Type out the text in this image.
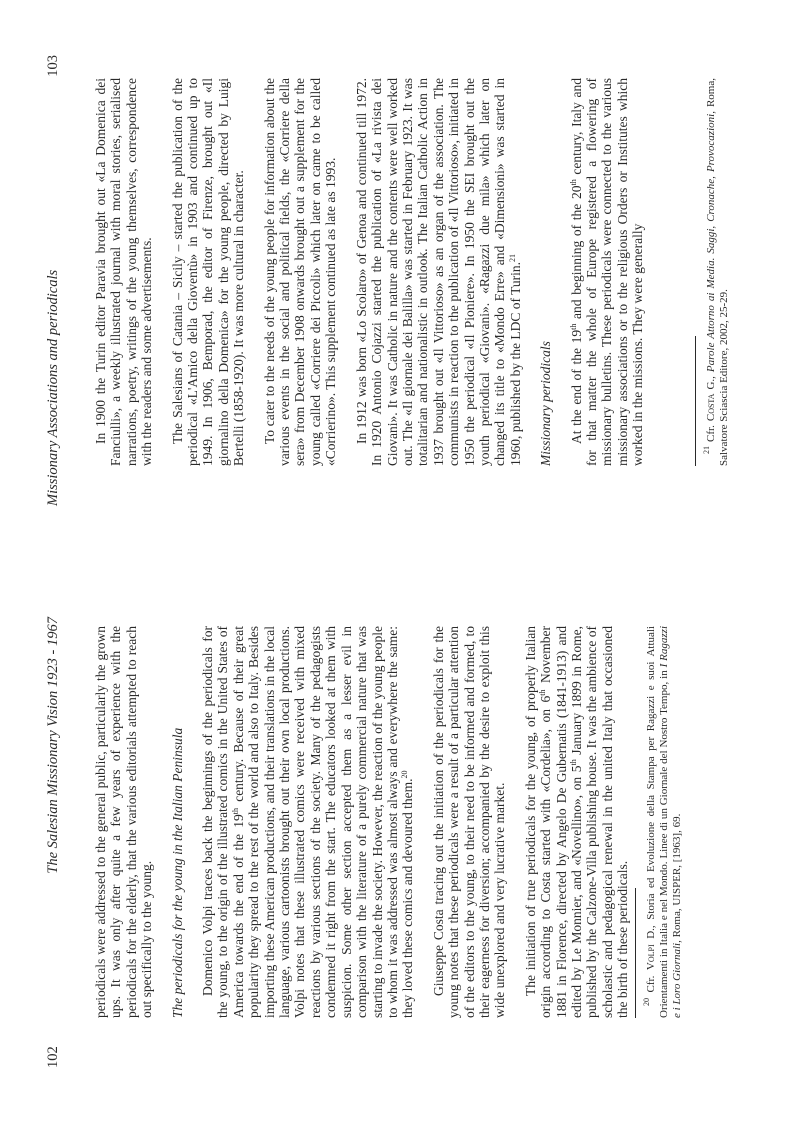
102
The Salesian Missionary Vision 1923 - 1967 periodicals were addressed to the general public, particularly the grown ups. It was only after quite a few years of experience with the periodicals for the elderly, that the various editorials attempted to reach out specifically to the young. The periodicals for the young in the Italian Peninsula Domenico Volpi traces back the beginnings of the periodicals for the young, to the origin of the illustrated comics in the United States of America towards the end of the 19th century. Because of their great popularity they spread to the rest of the world and also to Italy. Besides importing these American productions, and their translations in the local language, various cartoonists brought out their own local productions. Volpi notes that these illustrated comics were received with mixed reactions by various sections of the society. Many of the pedagogists condemned it right from the start. The educators looked at them with suspicion. Some other section accepted them as a lesser evil in comparison with the literature of a purely commercial nature that was starting to invade the society. However, the reaction of the young people to whom it was addressed was almost always and everywhere the same: they loved these comics and devoured them.$^{20}$	Giuseppe Costa tracing out the initiation of the periodicals for the young notes that these periodicals were a result of a particular attention of the editors to the young, to their need to be informed and formed, to their eagerness for diversion; accompanied by the desire to exploit this wide unexplored and very lucrative market. The initiation of true periodicals for the young, of properly Italian origin according to Costa started with «Cordelia», on 6th November 1881 in Florence, directed by Angelo De Gubernatis (1841-1913) and edited by Le Monnier, and «Novellino», on 5th January 1899 in Rome, published by the Calzone-Villa publishing house. It was the ambience of scholastic and pedagogical renewal in the united Italy that occasioned the birth of these periodicals. $^{20}$ Cfr. Volpi D., Storia ed Evoluzione della Stampa per Ragazzi e suoi Attuali Orientamenti in Italia e nel Mondo. Linee di un Giornale del Nostro Tempo, in I Ragazzi e i Loro Giornali, Roma, UISPER, [1963], 69.

Missionary Associations and periodicals
103

In 1900 the Turin editor Paravia brought out «La Domenica dei Fanciulli», a weekly illustrated journal with moral stories, serialised narrations, poetry, writings of the young themselves, correspondence with the readers and some advertisements. The Salesians of Catania – Sicily – started the publication of the periodical «L'Amico della Gioventù» in 1903 and continued up to 1949. In 1906, Bemporad, the editor of Firenze, brought out «Il giornalino della Domenica» for the young people, directed by Luigi Bertelli (1858-1920). It was more cultural in character. To cater to the needs of the young people for information about the various events in the social and political fields, the «Corriere della sera» from December 1908 onwards brought out a supplement for the young called «Corriere dei Piccoli» which later on came to be called «Corrierino». This supplement continued as late as 1993. In 1912 was born «Lo Scolaro» of Genoa and continued till 1972. In 1920 Antonio Cojazzi started the publication of «La rivista dei Giovani». It was Catholic in nature and the contents were well worked out. The «Il giornale dei Balilla» was started in February 1923. It was totalitarian and nationalistic in outlook. The Italian Catholic Action in 1937 brought out «Il Vittorioso» as an organ of the association. The communists in reaction to the publication of «Il Vittorioso», initiated in 1950 the periodical «Il Pioniere». In 1950 the SEI brought out the youth periodical «Giovani». «Ragazzi due mila» which later on changed its title to «Mondo Erre» and «Dimensioni» was started in 1960, published by the LDC of Turin.$^{21}$

Missionary periodicals At the end of the 19th and beginning of the 20th century, Italy and for that matter the whole of Europe registered a flowering of missionary bulletins. These periodicals were connected to the various missionary associations or to the religious Orders or Institutes which worked in the missions. They were generally	$^{21}$ Cfr. Costa G., Parole Attorno ai Media. Saggi, Cronache, Provocazioni, Roma, Salvatore Sciascia Editore, 2002, 25-29.
